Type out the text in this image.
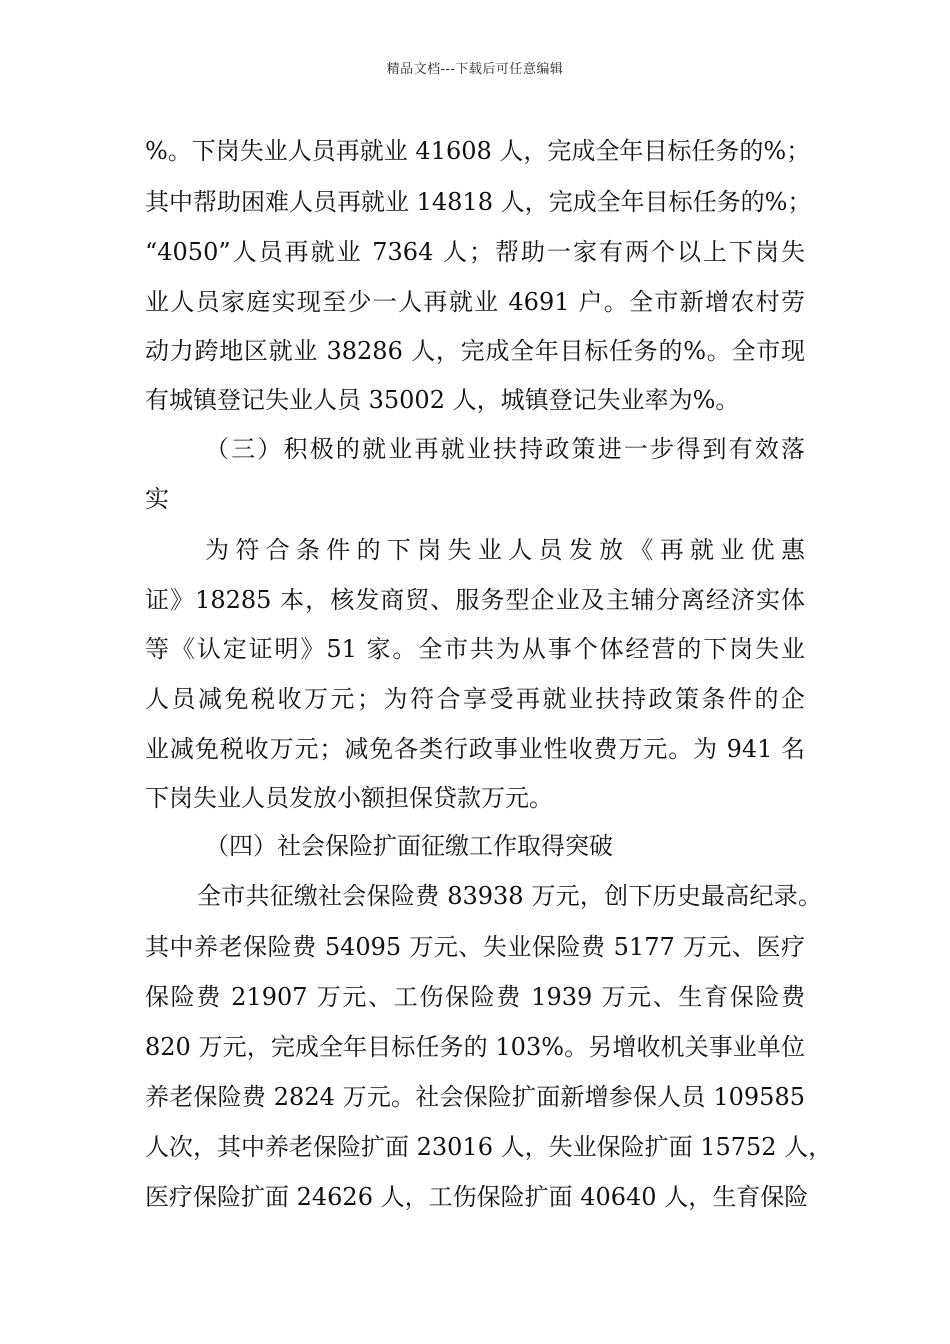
精品文档---下载后可任意编辑
%。下岗失业人员再就业 41608 人，完成全年目标任务的%；
其中帮助困难人员再就业 14818 人，完成全年目标任务的%；
“4050”人员再就业 7364 人；帮助一家有两个以上下岗失
业人员家庭实现至少一人再就业 4691 户。全市新增农村劳
动力跨地区就业 38286 人，完成全年目标任务的%。全市现
有城镇登记失业人员 35002 人，城镇登记失业率为%。
（三）积极的就业再就业扶持政策进一步得到有效落
实
为符合条件的下岗失业人员发放《再就业优惠
证》18285 本，核发商贸、服务型企业及主辅分离经济实体
等《认定证明》51 家。全市共为从事个体经营的下岗失业
人员减免税收万元；为符合享受再就业扶持政策条件的企
业减免税收万元；减免各类行政事业性收费万元。为 941 名
下岗失业人员发放小额担保贷款万元。
（四）社会保险扩面征缴工作取得突破
全市共征缴社会保险费 83938 万元，创下历史最高纪录。
其中养老保险费 54095 万元、失业保险费 5177 万元、医疗
保险费 21907 万元、工伤保险费 1939 万元、生育保险费
820 万元，完成全年目标任务的 103%。另增收机关事业单位
养老保险费 2824 万元。社会保险扩面新增参保人员 109585
人次，其中养老保险扩面 23016 人，失业保险扩面 15752 人，
医疗保险扩面 24626 人，工伤保险扩面 40640 人，生育保险
